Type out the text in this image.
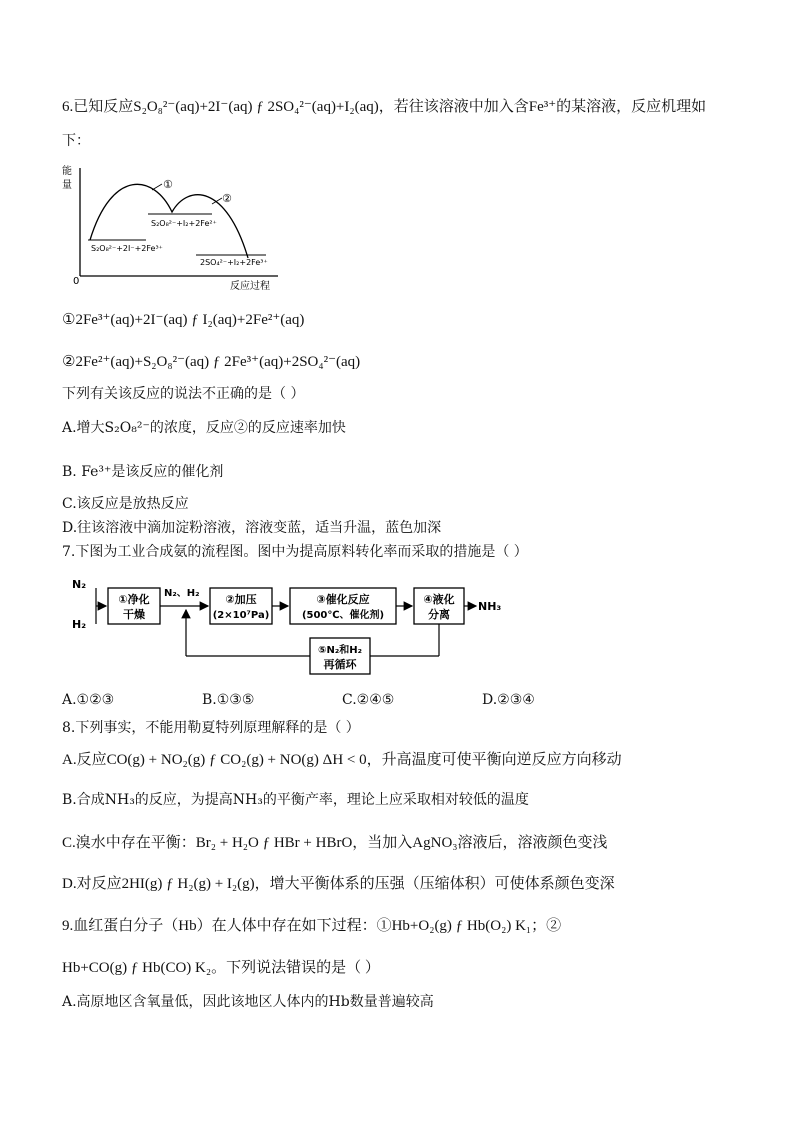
6.已知反应S₂O₈²⁻(aq)+2I⁻(aq) ƒ 2SO₄²⁻(aq)+I₂(aq)，若往该溶液中加入含Fe³⁺的某溶液，反应机理如
下：
①
②
能
量
0	反应过程
S₂O₈²⁻+2I⁻+2Fe³⁺
S₂O₈²⁻+I₂+2Fe²⁺
2SO₄²⁻+I₂+2Fe³⁺
①2Fe³⁺(aq)+2I⁻(aq) ƒ I₂(aq)+2Fe²⁺(aq)
②2Fe²⁺(aq)+S₂O₈²⁻(aq) ƒ 2Fe³⁺(aq)+2SO₄²⁻(aq)
下列有关该反应的说法不正确的是（ ）
A.增大S₂O₈²⁻的浓度，反应②的反应速率加快
B. Fe³⁺是该反应的催化剂
C.该反应是放热反应
D.往该溶液中滴加淀粉溶液，溶液变蓝，适当升温，蓝色加深
7.下图为工业合成氨的流程图。图中为提高原料转化率而采取的措施是（ ）
N₂
H₂
①净化
干燥
N₂、H₂ ②加压
(2×10⁷Pa)
③催化反应
(500℃、催化剂)
④液化
分离
NH₃
⑤N₂和H₂
再循环
A.①②③	B.①③⑤	C.②④⑤	D.②③④
8.下列事实，不能用勒夏特列原理解释的是（ ）
A.反应CO(g) + NO₂(g) ƒ CO₂(g) + NO(g) ΔH < 0，升高温度可使平衡向逆反应方向移动
B.合成NH₃的反应，为提高NH₃的平衡产率，理论上应采取相对较低的温度
C.溴水中存在平衡：Br₂ + H₂O ƒ HBr + HBrO，当加入AgNO₃溶液后，溶液颜色变浅
D.对反应2HI(g) ƒ H₂(g) + I₂(g)，增大平衡体系的压强（压缩体积）可使体系颜色变深
9.血红蛋白分子（Hb）在人体中存在如下过程：①Hb+O₂(g) ƒ Hb(O₂) K₁；②
Hb+CO(g) ƒ Hb(CO) K₂。下列说法错误的是（ ）
A.高原地区含氧量低，因此该地区人体内的Hb数量普遍较高
